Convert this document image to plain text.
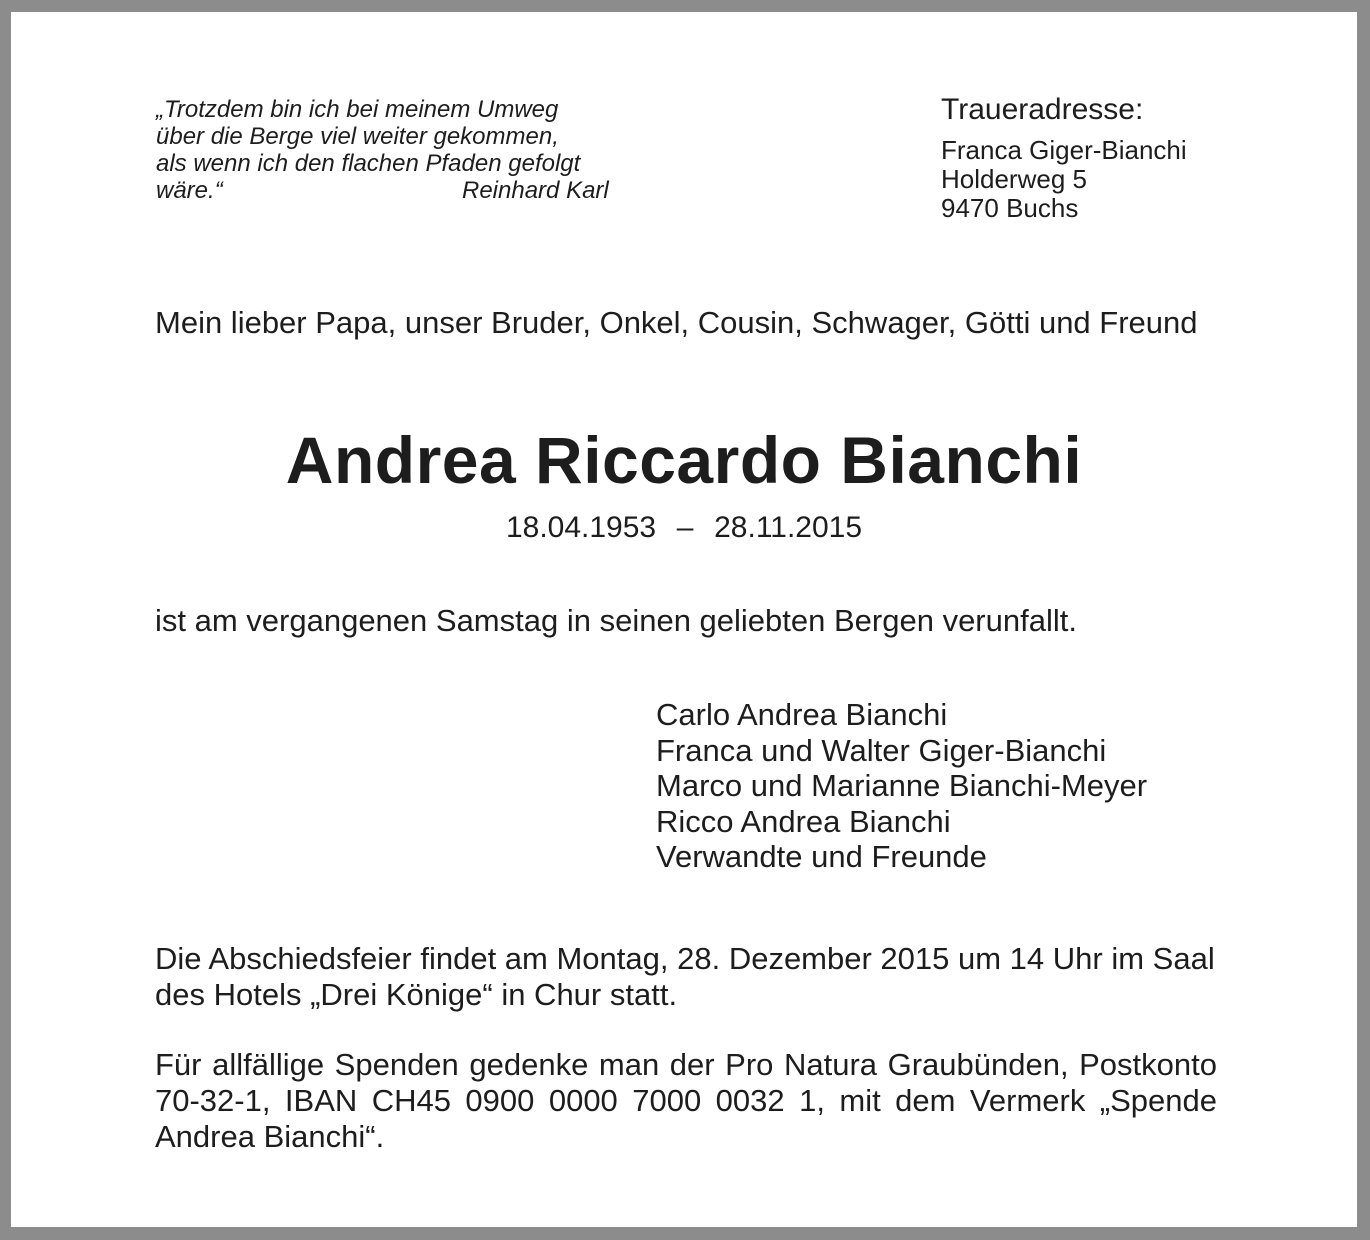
„Trotzdem bin ich bei meinem Umweg
über die Berge viel weiter gekommen,
als wenn ich den flachen Pfaden gefolgt
wäre.“	Reinhard Karl
Traueradresse:
Franca Giger-Bianchi
Holderweg 5
9470 Buchs

Mein lieber Papa, unser Bruder, Onkel, Cousin, Schwager, Götti und Freund

Andrea Riccardo Bianchi
18.04.1953 – 28.11.2015

ist am vergangenen Samstag in seinen geliebten Bergen verunfallt.

Carlo Andrea Bianchi
Franca und Walter Giger-Bianchi
Marco und Marianne Bianchi-Meyer
Ricco Andrea Bianchi
Verwandte und Freunde

Die Abschiedsfeier findet am Montag, 28. Dezember 2015 um 14 Uhr im Saal des Hotels „Drei Könige“ in Chur statt.

Für allfällige Spenden gedenke man der Pro Natura Graubünden, Postkonto 70-32-1, IBAN CH45 0900 0000 7000 0032 1, mit dem Vermerk „Spende Andrea Bianchi“.
